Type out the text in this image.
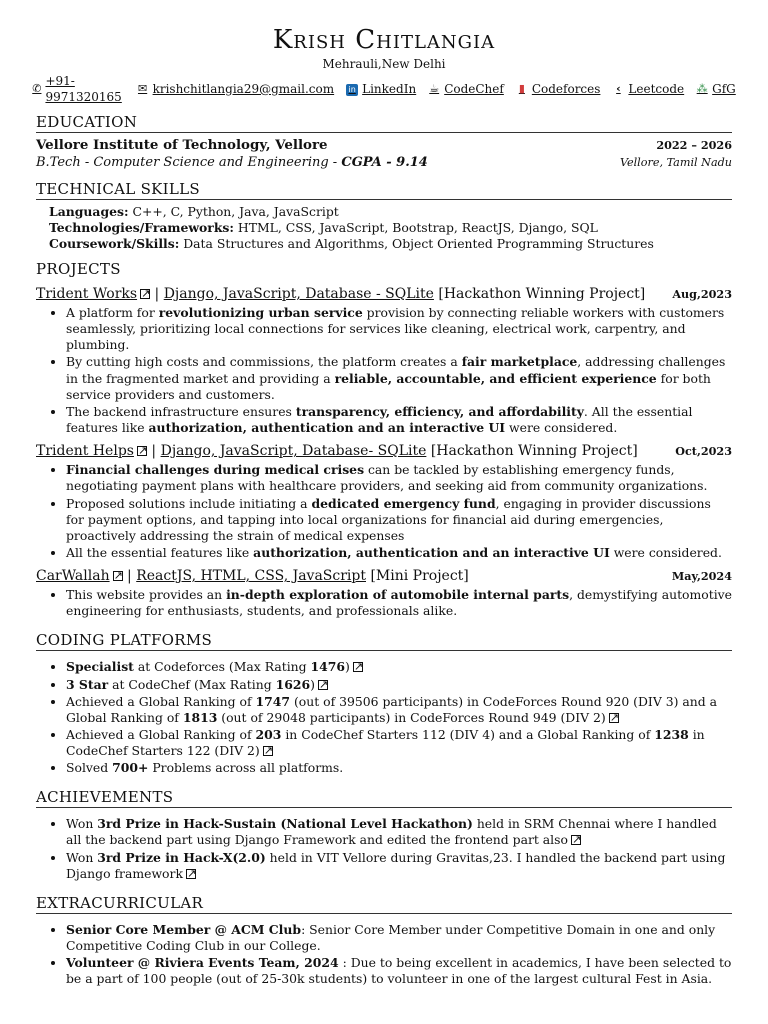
Krish Chitlangia
Mehrauli,New Delhi
✆
+91-9971320165
✉ krishchitlangia29@gmail.com in LinkedIn ☕ CodeChef ▮ Codeforces	‹ Leetcode ⁂ GfG
EDUCATION
Vellore Institute of Technology, Vellore	2022 – 2026
B.Tech - Computer Science and Engineering - CGPA - 9.14	Vellore, Tamil Nadu
TECHNICAL SKILLS
Languages: C++, C, Python, Java, JavaScript
Technologies/Frameworks: HTML, CSS, JavaScript, Bootstrap, ReactJS, Django, SQL
Coursework/Skills: Data Structures and Algorithms, Object Oriented Programming Structures
PROJECTS
Trident Works ↗ | Django, JavaScript, Database - SQLite [Hackathon Winning Project] Aug,2023
• A platform for revolutionizing urban service provision by connecting reliable workers with customers seamlessly, prioritizing local connections for services like cleaning, electrical work, carpentry, and plumbing.
• By cutting high costs and commissions, the platform creates a fair marketplace, addressing challenges in the fragmented market and providing a reliable, accountable, and efficient experience for both service providers and customers.
• The backend infrastructure ensures transparency, efficiency, and affordability. All the essential features like authorization, authentication and an interactive UI were considered.
Trident Helps ↗ | Django, JavaScript, Database- SQLite [Hackathon Winning Project]	Oct,2023
• Financial challenges during medical crises can be tackled by establishing emergency funds, negotiating payment plans with healthcare providers, and seeking aid from community organizations.
• Proposed solutions include initiating a dedicated emergency fund, engaging in provider discussions for payment options, and tapping into local organizations for financial aid during emergencies, proactively addressing the strain of medical expenses
• All the essential features like authorization, authentication and an interactive UI were considered.
CarWallah ↗ | ReactJS, HTML, CSS, JavaScript [Mini Project]	May,2024
• This website provides an in-depth exploration of automobile internal parts, demystifying automotive engineering for enthusiasts, students, and professionals alike.
CODING PLATFORMS
• Specialist at Codeforces (Max Rating 1476) ↗
• 3 Star at CodeChef (Max Rating 1626) ↗
• Achieved a Global Ranking of 1747 (out of 39506 participants) in CodeForces Round 920 (DIV 3) and a Global Ranking of 1813 (out of 29048 participants) in CodeForces Round 949 (DIV 2) ↗
• Achieved a Global Ranking of 203 in CodeChef Starters 112 (DIV 4) and a Global Ranking of 1238 in CodeChef Starters 122 (DIV 2) ↗
• Solved 700+ Problems across all platforms.
ACHIEVEMENTS
• Won 3rd Prize in Hack-Sustain (National Level Hackathon) held in SRM Chennai where I handled all the backend part using Django Framework and edited the frontend part also ↗
• Won 3rd Prize in Hack-X(2.0) held in VIT Vellore during Gravitas,23. I handled the backend part using Django framework ↗
EXTRACURRICULAR
• Senior Core Member @ ACM Club: Senior Core Member under Competitive Domain in one and only Competitive Coding Club in our College.
• Volunteer @ Riviera Events Team, 2024 : Due to being excellent in academics, I have been selected to be a part of 100 people (out of 25-30k students) to volunteer in one of the largest cultural Fest in Asia.
